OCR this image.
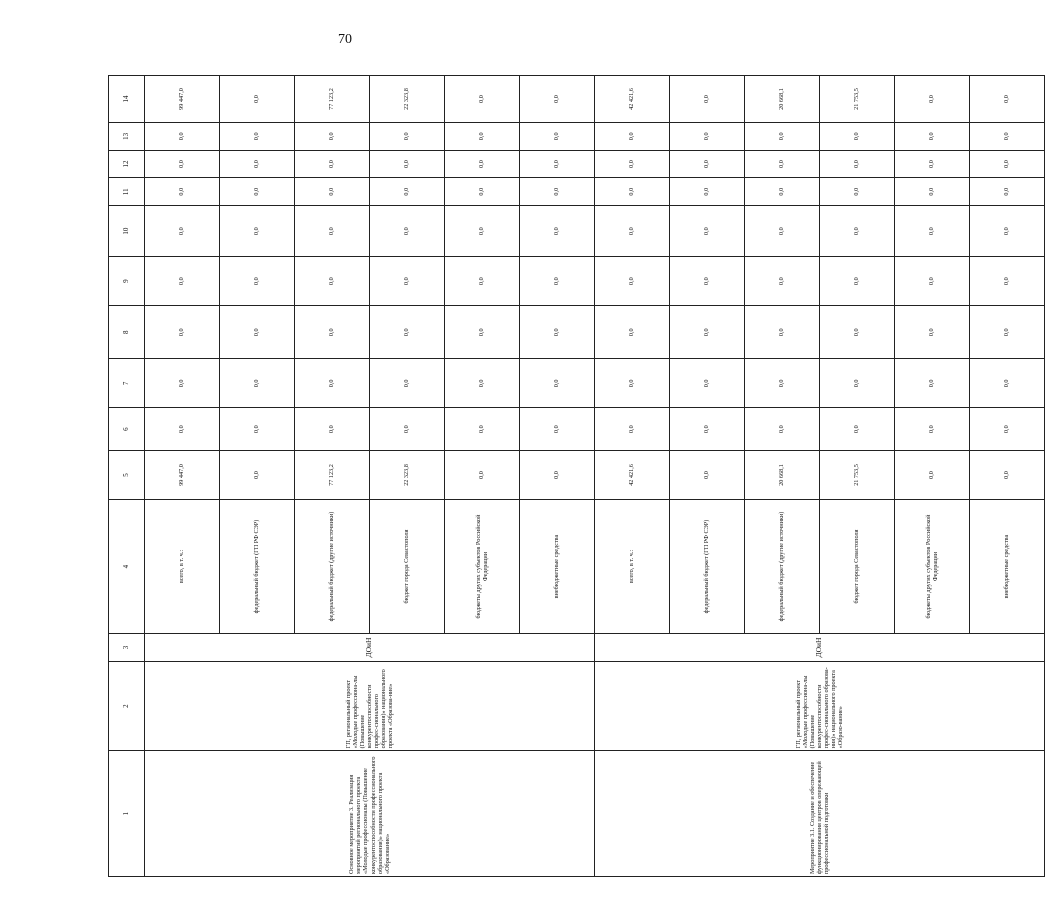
70
1	2	3	4	5	6	7	8	9	10	11	12	13	14
Основное мероприятие 3. Реализация мероприятий регионального проекта «Молодые профессионалы (Повышение конкурентоспособности профессионального образования)» национального проекта «Образование»	ГП, региональный проект «Молодые профессиона-лы (Повышение конкурентоспособности профес-сионального образования)» национального проекта «Образова-ние»	ДОиН	всего, в т. ч.:	99 447,0	0,0	0,0	0,0	0,0	0,0	0,0	0,0	0,0	99 447,0
			федеральный бюджет (ГП РФ СЭР)	0,0	0,0	0,0	0,0	0,0	0,0	0,0	0,0	0,0	0,0
			федеральный бюджет (другие источники)	77 123,2	0,0	0,0	0,0	0,0	0,0	0,0	0,0	0,0	77 123,2
			бюджет города Севастополя	22 323,8	0,0	0,0	0,0	0,0	0,0	0,0	0,0	0,0	22 323,8
			бюджеты других субъектов Российской Федерации	0,0	0,0	0,0	0,0	0,0	0,0	0,0	0,0	0,0	0,0
			внебюджетные средства	0,0	0,0	0,0	0,0	0,0	0,0	0,0	0,0	0,0	0,0
Мероприятие 3.1. Создание и обеспечение функционирования центров опережающей профессиональной подготовки	ГП, региональный проект «Молодые профессиона-лы (Повышение конкурентоспособности профес-сионального образова-ния)» национального проекта «Образо-вание»	ДОиН	всего, в т. ч.:	42 421,6	0,0	0,0	0,0	0,0	0,0	0,0	0,0	0,0	42 421,6
			федеральный бюджет (ГП РФ СЭР)	0,0	0,0	0,0	0,0	0,0	0,0	0,0	0,0	0,0	0,0
			федеральный бюджет (другие источники)	20 668,1	0,0	0,0	0,0	0,0	0,0	0,0	0,0	0,0	20 668,1
			бюджет города Севастополя	21 753,5	0,0	0,0	0,0	0,0	0,0	0,0	0,0	0,0	21 753,5
			бюджеты других субъектов Российской Федерации	0,0	0,0	0,0	0,0	0,0	0,0	0,0	0,0	0,0	0,0
			внебюджетные средства	0,0	0,0	0,0	0,0	0,0	0,0	0,0	0,0	0,0	0,0
